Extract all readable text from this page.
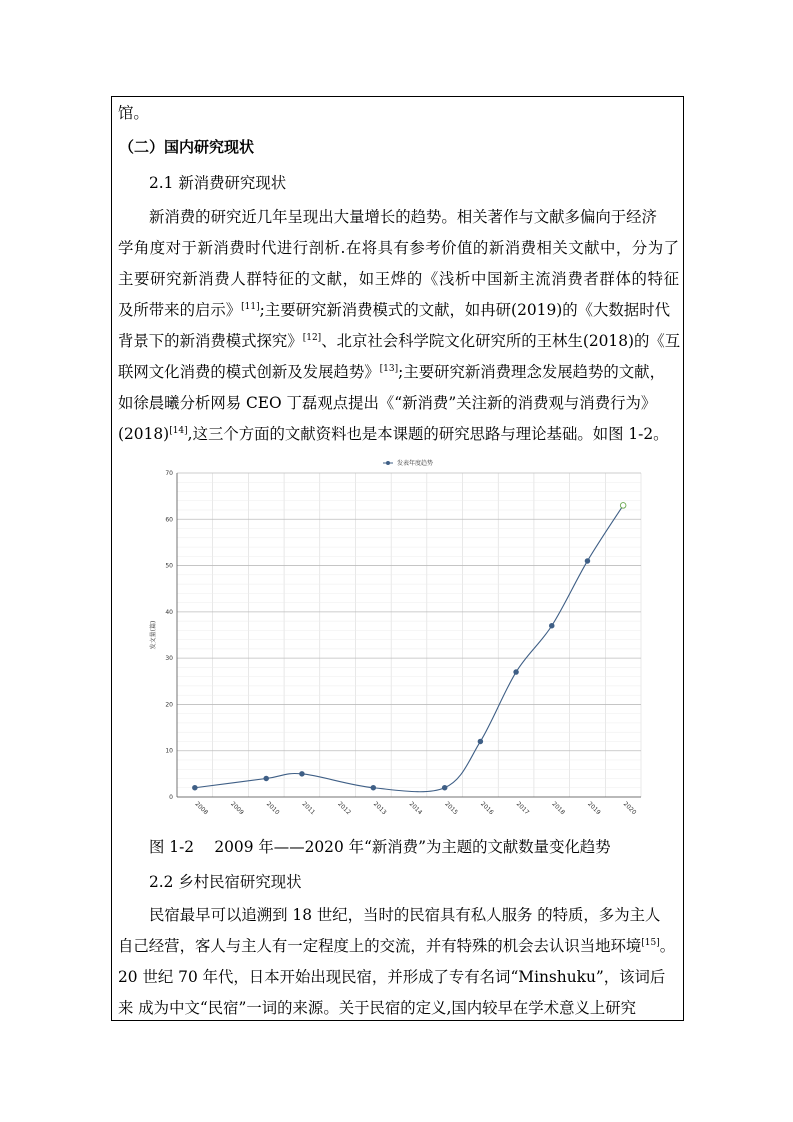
馆。
（二）国内研究现状
2.1 新消费研究现状
新消费的研究近几年呈现出大量增长的趋势。相关著作与文献多偏向于经济
学角度对于新消费时代进行剖析.在将具有参考价值的新消费相关文献中，分为了
主要研究新消费人群特征的文献，如王烨的《浅析中国新主流消费者群体的特征
及所带来的启示》[11];主要研究新消费模式的文献，如冉研(2019)的《大数据时代
背景下的新消费模式探究》[12]、北京社会科学院文化研究所的王林生(2018)的《互
联网文化消费的模式创新及发展趋势》[13];主要研究新消费理念发展趋势的文献，
如徐晨曦分析网易 CEO 丁磊观点提出《“新消费”关注新的消费观与消费行为》
(2018)[14],这三个方面的文献资料也是本课题的研究思路与理论基础。如图 1-2。
0
10
20
30
40
50
60
70
2008	2009	2010	2011	2012	2013	2014	2015	2016	2017	2018	2019	2020
发文量(篇)
发表年度趋势
图 1-2　 2009 年——2020 年“新消费”为主题的文献数量变化趋势
2.2 乡村民宿研究现状
民宿最早可以追溯到 18 世纪，当时的民宿具有私人服务 的特质，多为主人
自己经营，客人与主人有一定程度上的交流，并有特殊的机会去认识当地环境[15]。
20 世纪 70 年代，日本开始出现民宿，并形成了专有名词“Minshuku”，该词后
来 成为中文“民宿”一词的来源。关于民宿的定义,国内较早在学术意义上研究
